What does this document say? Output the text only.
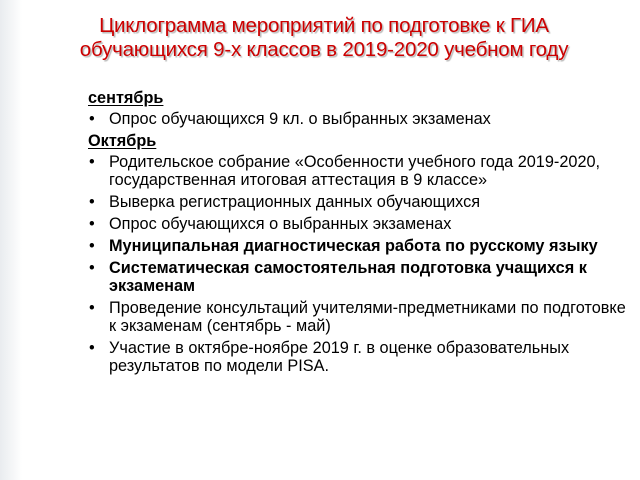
Циклограмма мероприятий по подготовке к ГИА
обучающихся 9-х классов в 2019-2020 учебном году
сентябрь
• Опрос обучающихся 9 кл. о выбранных экзаменах
Октябрь
• Родительское собрание «Особенности учебного года 2019-2020, государственная итоговая аттестация в 9 классе»
• Выверка регистрационных данных обучающихся
• Опрос обучающихся о выбранных экзаменах
• Муниципальная диагностическая работа по русскому языку
• Систематическая самостоятельная подготовка учащихся к экзаменам
• Проведение консультаций учителями-предметниками по подготовке к экзаменам (сентябрь - май)
• Участие в октябре-ноябре 2019 г. в оценке образовательных результатов по модели PISA.
